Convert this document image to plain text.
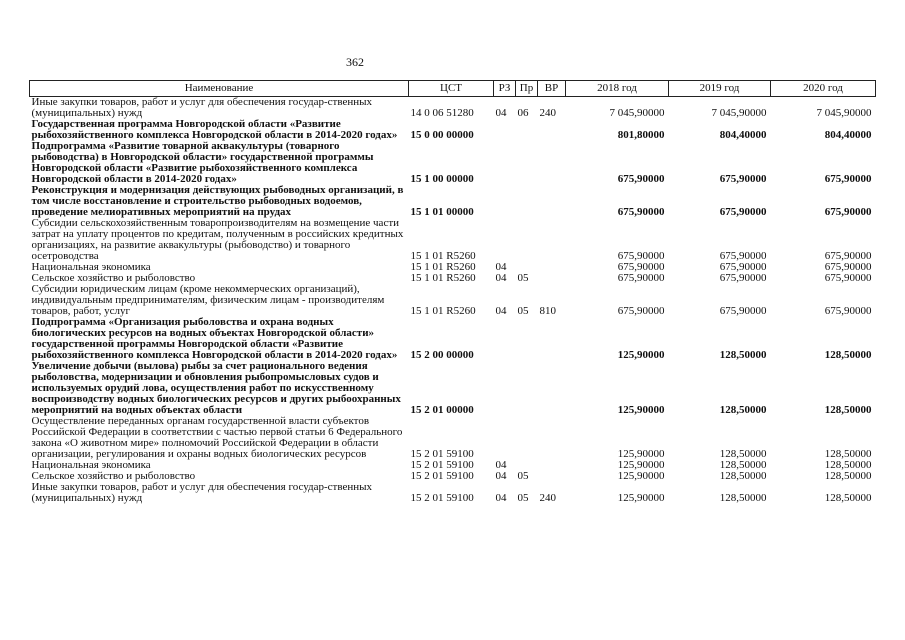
362
Наименование	ЦСТ	РЗ	Пр	ВР	2018 год	2019 год	2020 год
Иные закупки товаров, работ и услуг для обеспечения государ-ственных (муниципальных) нужд	14 0 06 51280	04	06	240	7 045,90000	7 045,90000	7 045,90000
Государственная программа Новгородской области «Развитие рыбохозяйственного комплекса Новгородской области в 2014-2020 годах»	15 0 00 00000				801,80000	804,40000	804,40000
Подпрограмма «Развитие товарной аквакультуры (товарного рыбоводства) в Новгородской области» государственной программы Новгородской области «Развитие рыбохозяйственного комплекса Новгородской области в 2014-2020 годах»	15 1 00 00000				675,90000	675,90000	675,90000
Реконструкция и модернизация действующих рыбоводных организаций, в том числе восстановление и строительство рыбоводных водоемов, проведение мелиоративных мероприятий на прудах	15 1 01 00000				675,90000	675,90000	675,90000
Субсидии сельскохозяйственным товаропроизводителям на возмещение части затрат на уплату процентов по кредитам, полученным в российских кредитных организациях, на развитие аквакультуры (рыбоводство) и товарного осетроводства	15 1 01 R5260				675,90000	675,90000	675,90000
Национальная экономика	15 1 01 R5260	04			675,90000	675,90000	675,90000
Сельское хозяйство и рыболовство	15 1 01 R5260	04	05		675,90000	675,90000	675,90000
Субсидии юридическим лицам (кроме некоммерческих организаций), индивидуальным предпринимателям, физическим лицам - производителям товаров, работ, услуг	15 1 01 R5260	04	05	810	675,90000	675,90000	675,90000
Подпрограмма «Организация рыболовства и охрана водных биологических ресурсов на водных объектах Новгородской области» государственной программы Новгородской области «Развитие рыбохозяйственного комплекса Новгородской области в 2014-2020 годах»	15 2 00 00000				125,90000	128,50000	128,50000
Увеличение добычи (вылова) рыбы за счет рационального ведения рыболовства, модернизации и обновления рыбопромысловых судов и используемых орудий лова, осуществления работ по искусственному воспроизводству водных биологических ресурсов и других рыбоохранных мероприятий на водных объектах области	15 2 01 00000				125,90000	128,50000	128,50000
Осуществление переданных органам государственной власти субъектов Российской Федерации в соответствии с частью первой статьи 6 Федерального закона «О животном мире» полномочий Российской Федерации в области организации, регулирования и охраны водных биологических ресурсов	15 2 01 59100				125,90000	128,50000	128,50000
Национальная экономика	15 2 01 59100	04			125,90000	128,50000	128,50000
Сельское хозяйство и рыболовство	15 2 01 59100	04	05		125,90000	128,50000	128,50000
Иные закупки товаров, работ и услуг для обеспечения государ-ственных (муниципальных) нужд	15 2 01 59100	04	05	240	125,90000	128,50000	128,50000
